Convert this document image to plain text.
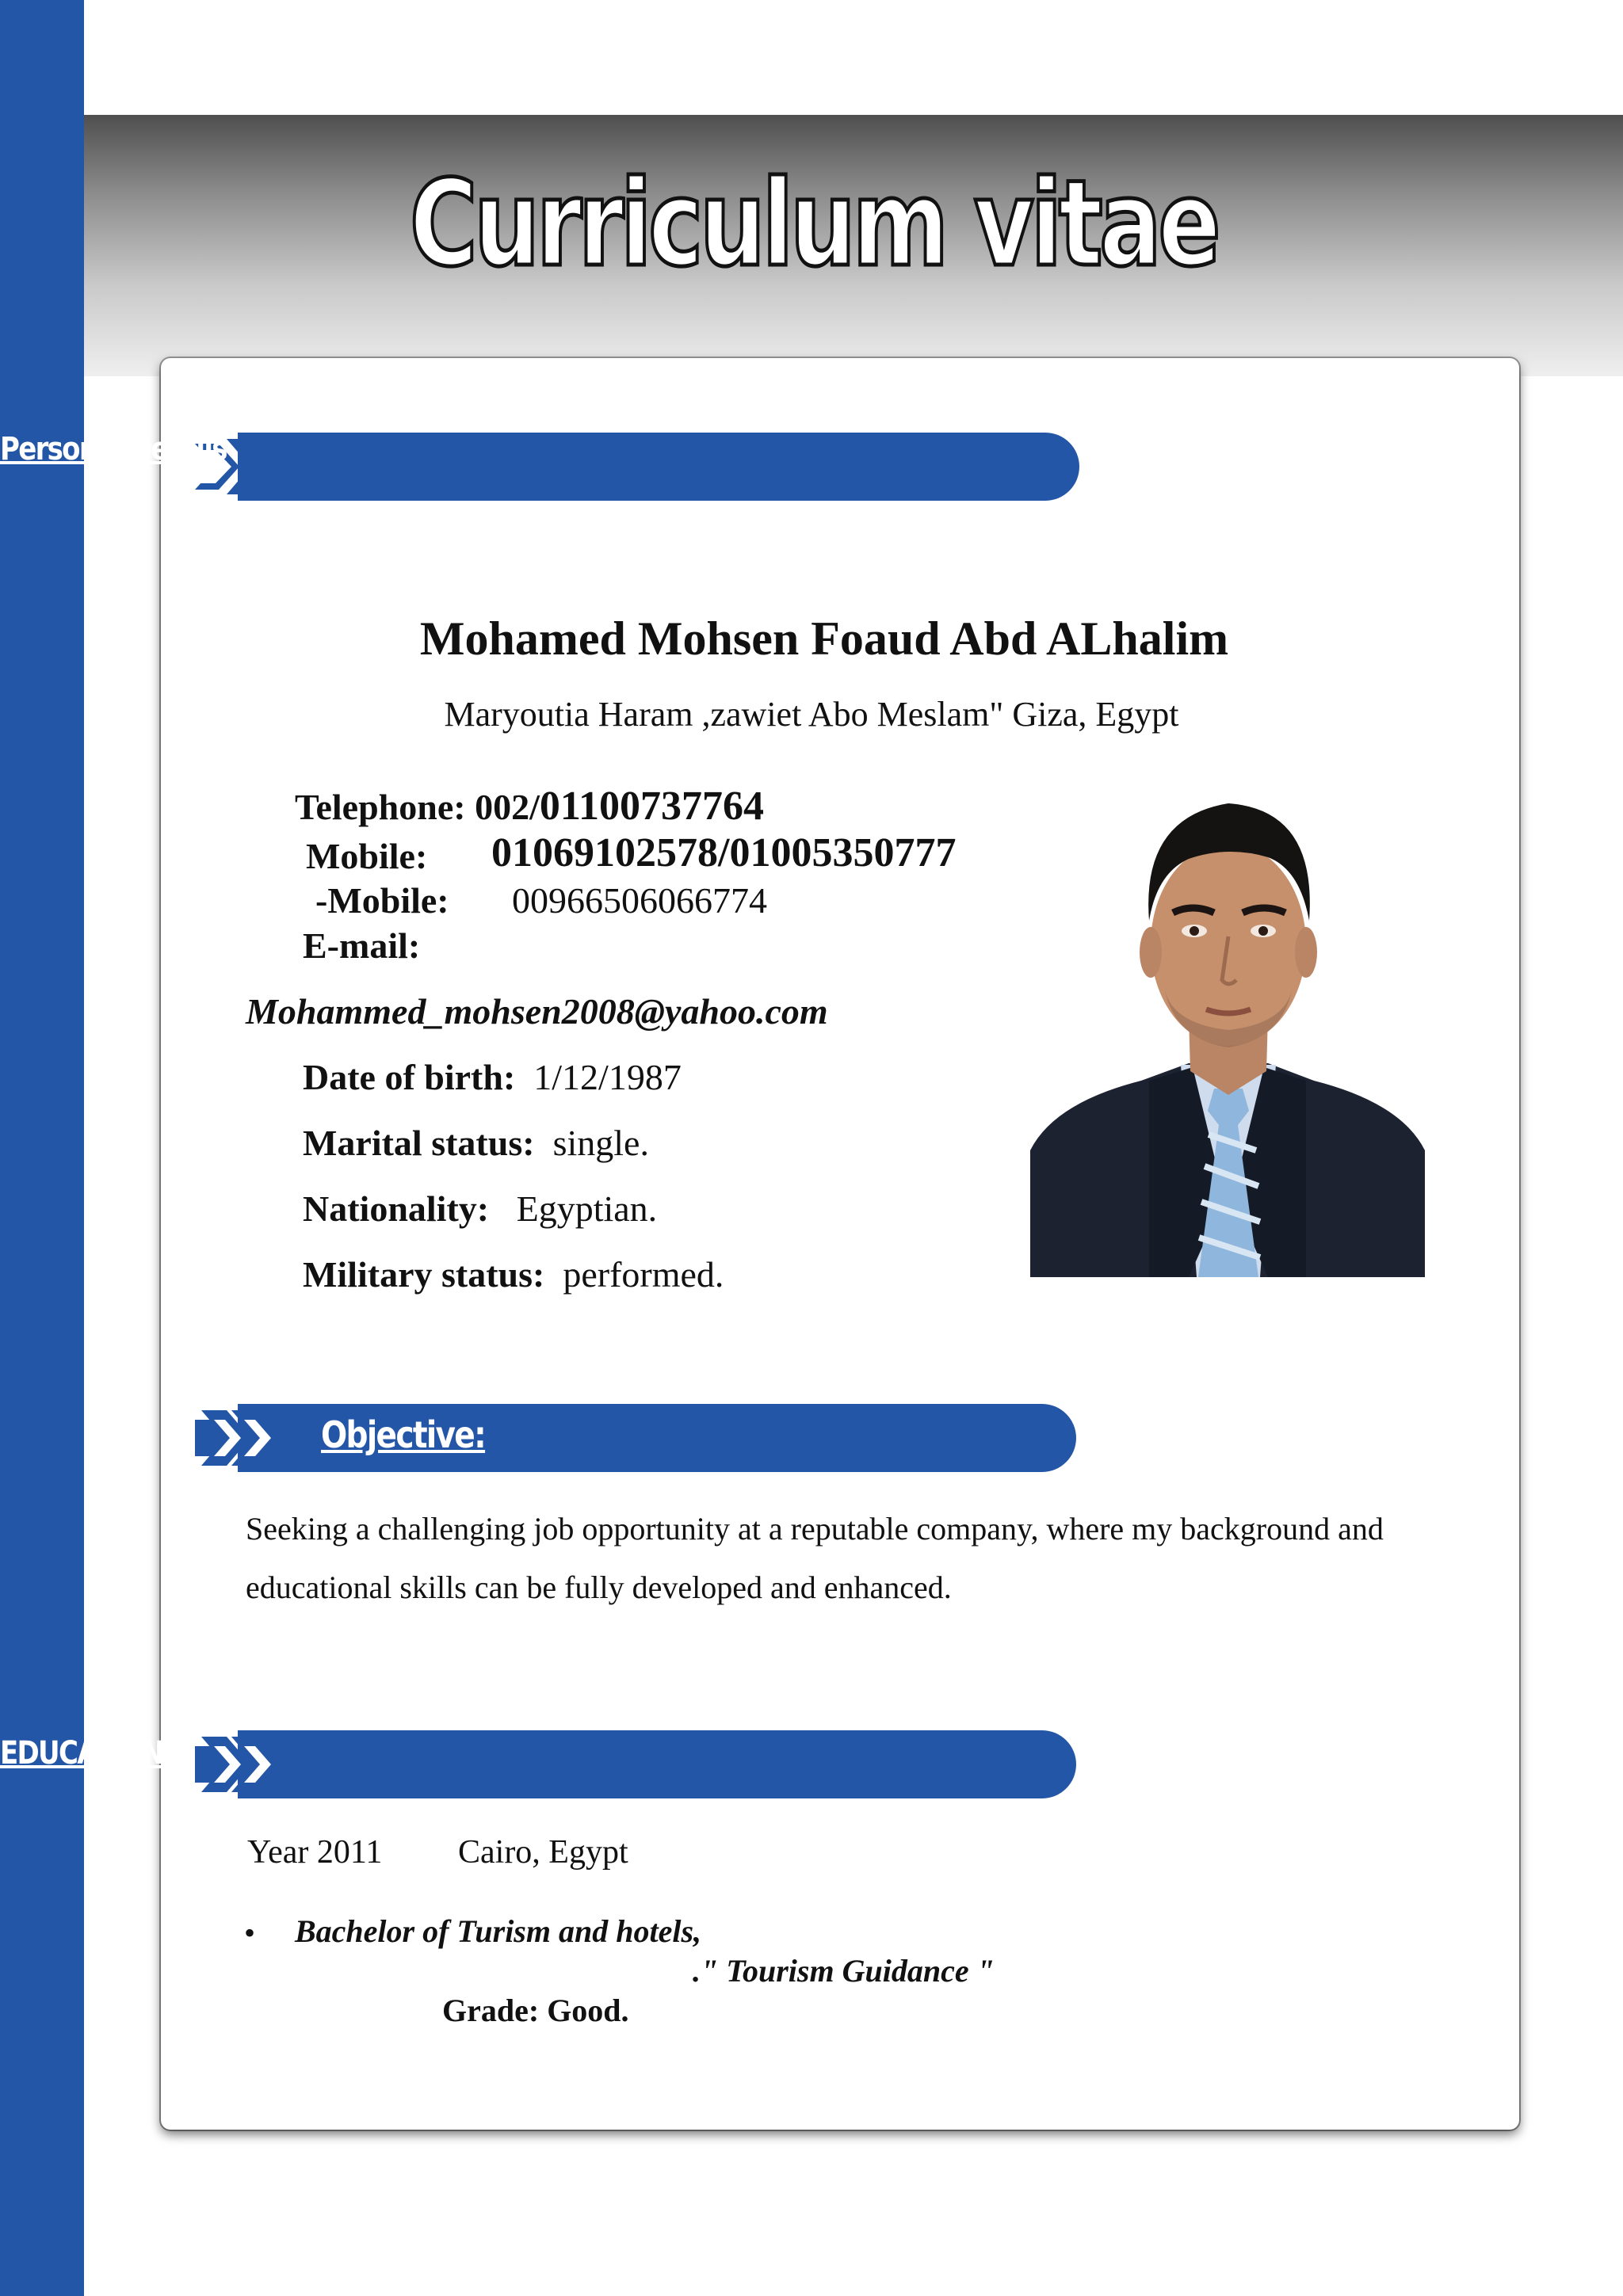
Curriculum vitae
Personal Details
Mohamed Mohsen Foaud Abd ALhalim
Maryoutia Haram ,zawiet Abo Meslam" Giza, Egypt
Telephone: 002/01100737764
Mobile: 01069102578/01005350777
-Mobile: 00966506066774
E-mail:
Mohammed_mohsen2008@yahoo.com
Date of birth: 1/12/1987
Marital status: single.
Nationality: Egyptian.
Military status: performed.
Objective:
Seeking a challenging job opportunity at a reputable company, where my background and
educational skills can be fully developed and enhanced.
EDUCATION
Year 2011 Cairo, Egypt
• Bachelor of Turism and hotels,
." Tourism Guidance "
Grade: Good.
